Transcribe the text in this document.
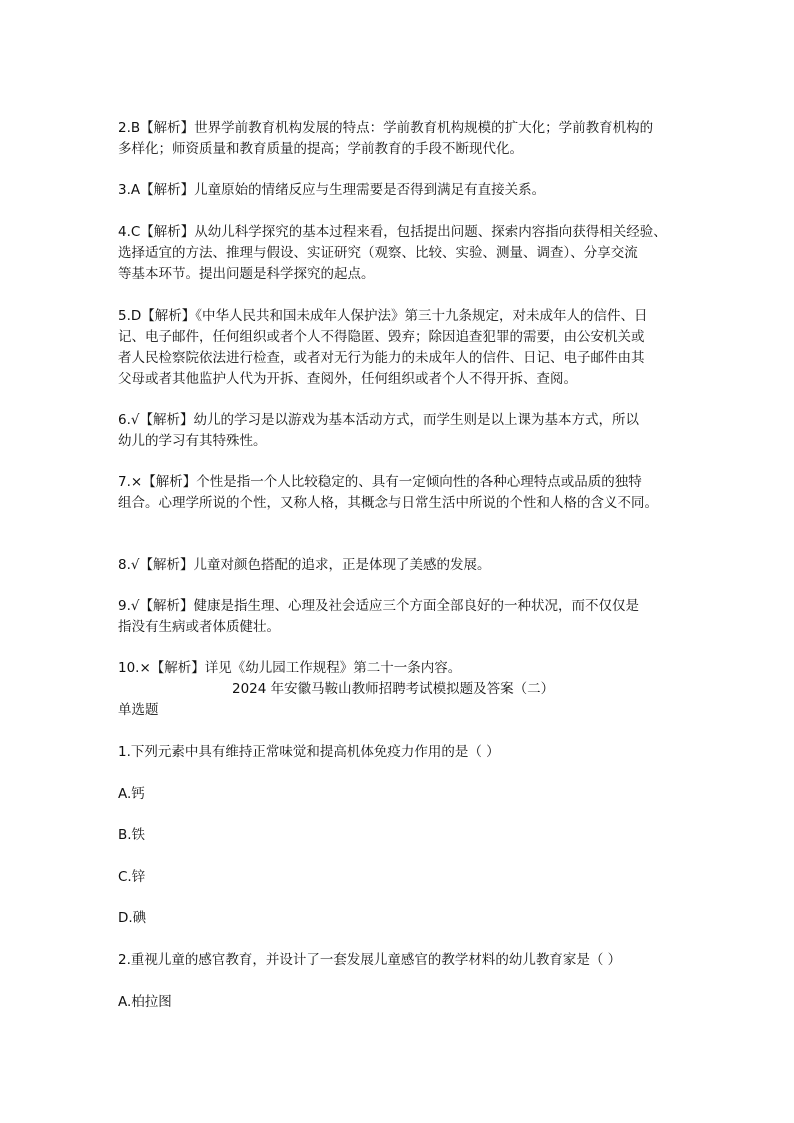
2.B【解析】世界学前教育机构发展的特点：学前教育机构规模的扩大化；学前教育机构的
多样化；师资质量和教育质量的提高；学前教育的手段不断现代化。
3.A【解析】儿童原始的情绪反应与生理需要是否得到满足有直接关系。
4.C【解析】从幼儿科学探究的基本过程来看，包括提出问题、探索内容指向获得相关经验、
选择适宜的方法、推理与假设、实证研究（观察、比较、实验、测量、调查）、分享交流
等基本环节。提出问题是科学探究的起点。
5.D【解析】《中华人民共和国未成年人保护法》第三十九条规定，对未成年人的信件、日
记、电子邮件，任何组织或者个人不得隐匿、毁弃；除因追查犯罪的需要，由公安机关或
者人民检察院依法进行检查，或者对无行为能力的未成年人的信件、日记、电子邮件由其
父母或者其他监护人代为开拆、查阅外，任何组织或者个人不得开拆、查阅。
6.√【解析】幼儿的学习是以游戏为基本活动方式，而学生则是以上课为基本方式，所以
幼儿的学习有其特殊性。
7.×【解析】个性是指一个人比较稳定的、具有一定倾向性的各种心理特点或品质的独特
组合。心理学所说的个性，又称人格，其概念与日常生活中所说的个性和人格的含义不同。
8.√【解析】儿童对颜色搭配的追求，正是体现了美感的发展。
9.√【解析】健康是指生理、心理及社会适应三个方面全部良好的一种状况，而不仅仅是
指没有生病或者体质健壮。
10.×【解析】详见《幼儿园工作规程》第二十一条内容。
2024 年安徽马鞍山教师招聘考试模拟题及答案（二）
单选题
1.下列元素中具有维持正常味觉和提高机体免疫力作用的是（ ）
A.钙
B.铁
C.锌
D.碘
2.重视儿童的感官教育，并设计了一套发展儿童感官的教学材料的幼儿教育家是（ ）
A.柏拉图
